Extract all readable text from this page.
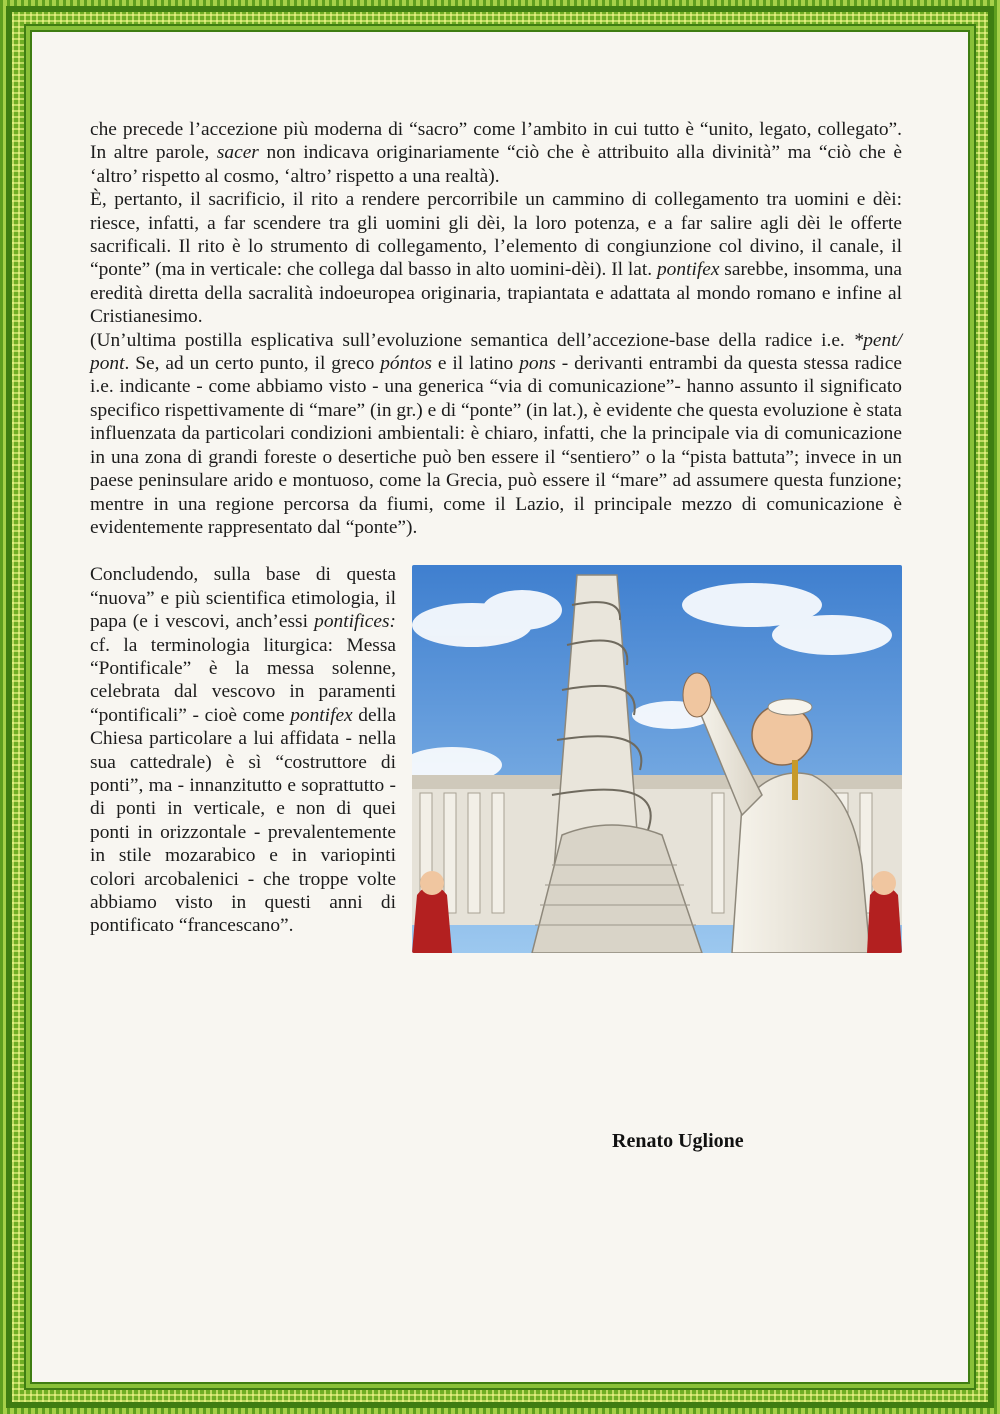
che precede l’accezione più moderna di “sacro” come l’ambito in cui tutto è “unito, legato, collegato”. In altre parole, sacer non indicava originariamente “ciò che è attribuito alla divinità” ma “ciò che è ‘altro’ rispetto al cosmo, ‘altro’ rispetto a una realtà).

È, pertanto, il sacrificio, il rito a rendere percorribile un cammino di collegamento tra uomini e dèi: riesce, infatti, a far scendere tra gli uomini gli dèi, la loro potenza, e a far salire agli dèi le offerte sacrificali. Il rito è lo strumento di collegamento, l’elemento di congiunzione col divino, il canale, il “ponte” (ma in verticale: che collega dal basso in alto uomini-dèi). Il lat. pontifex sarebbe, insomma, una eredità diretta della sacralità indoeuropea originaria, trapiantata e adattata al mondo romano e infine al Cristianesimo.

(Un’ultima postilla esplicativa sull’evoluzione semantica dell’accezione-base della radice i.e. *pent/ pont. Se, ad un certo punto, il greco póntos e il latino pons - derivanti entrambi da questa stessa radice i.e. indicante - come abbiamo visto - una generica “via di comunicazione”- hanno assunto il significato specifico rispettivamente di “mare” (in gr.) e di “ponte” (in lat.), è evidente che questa evoluzione è stata influenzata da particolari condizioni ambientali: è chiaro, infatti, che la principale via di comunicazione in una zona di grandi foreste o desertiche può ben essere il “sentiero” o la “pista battuta”; invece in un paese peninsulare arido e montuoso, come la Grecia, può essere il “mare” ad assumere questa funzione; mentre in una regione percorsa da fiumi, come il Lazio, il principale mezzo di comunicazione è evidentemente rappresentato dal “ponte”).

Concludendo, sulla base di questa “nuova” e più scientifica etimologia, il papa (e i vescovi, anch’essi pontifices: cf. la terminologia liturgica: Messa “Pontificale” è la messa solenne, celebrata dal vescovo in paramenti “pontificali” - cioè come pontifex della Chiesa particolare a lui affidata - nella sua cattedrale) è sì “costruttore di ponti”, ma - innanzitutto e soprattutto - di ponti in verticale, e non di quei ponti in orizzontale - prevalentemente in stile mozarabico e in variopinti colori arcobalenici - che troppe volte abbiamo visto in questi anni di pontificato “francescano”.

Renato Uglione
